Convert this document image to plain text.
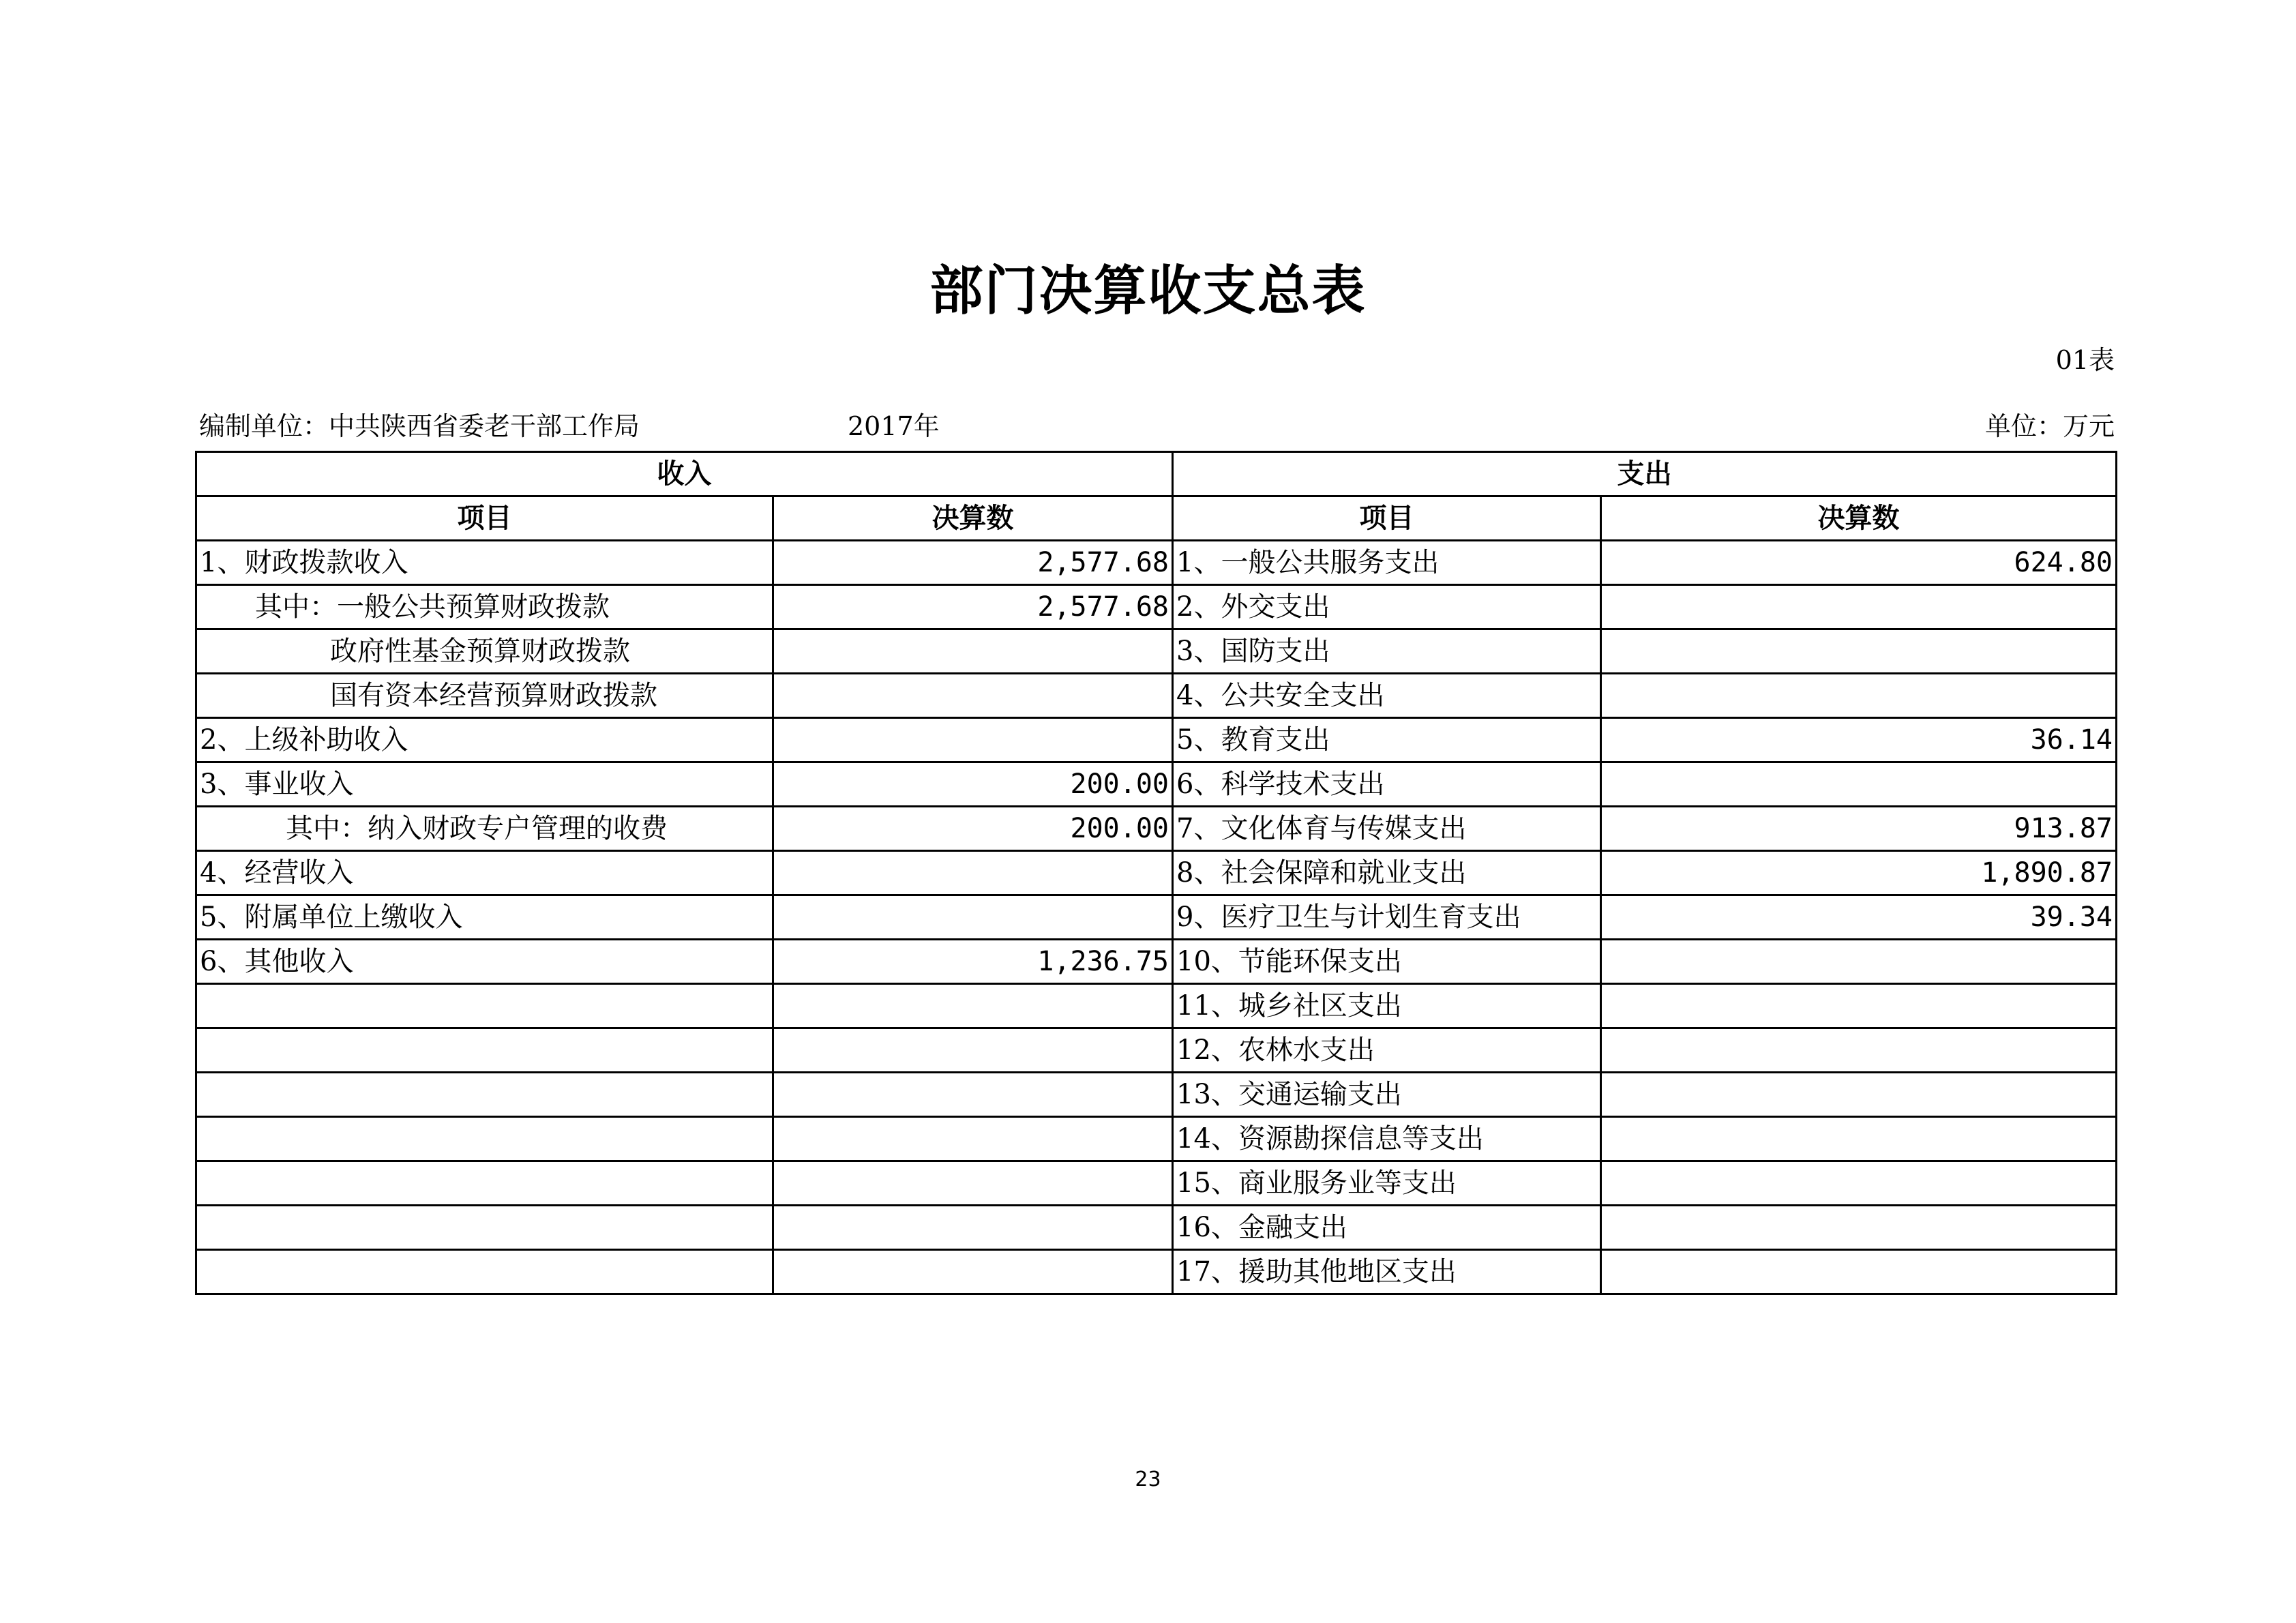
部门决算收支总表
01表
编制单位：中共陕西省委老干部工作局	2017年	单位：万元
收入		支出	
项目	决算数	项目	决算数
1、财政拨款收入	2,577.68	1、一般公共服务支出	624.80
其中：一般公共预算财政拨款	2,577.68	2、外交支出	
政府性基金预算财政拨款		3、国防支出	
国有资本经营预算财政拨款		4、公共安全支出	
2、上级补助收入		5、教育支出	36.14
3、事业收入	200.00	6、科学技术支出	
其中：纳入财政专户管理的收费	200.00	7、文化体育与传媒支出	913.87
4、经营收入		8、社会保障和就业支出	1,890.87
5、附属单位上缴收入		9、医疗卫生与计划生育支出	39.34
6、其他收入	1,236.75	10、节能环保支出	
		11、城乡社区支出	
		12、农林水支出	
		13、交通运输支出	
		14、资源勘探信息等支出	
		15、商业服务业等支出	
		16、金融支出	
		17、援助其他地区支出	
23
